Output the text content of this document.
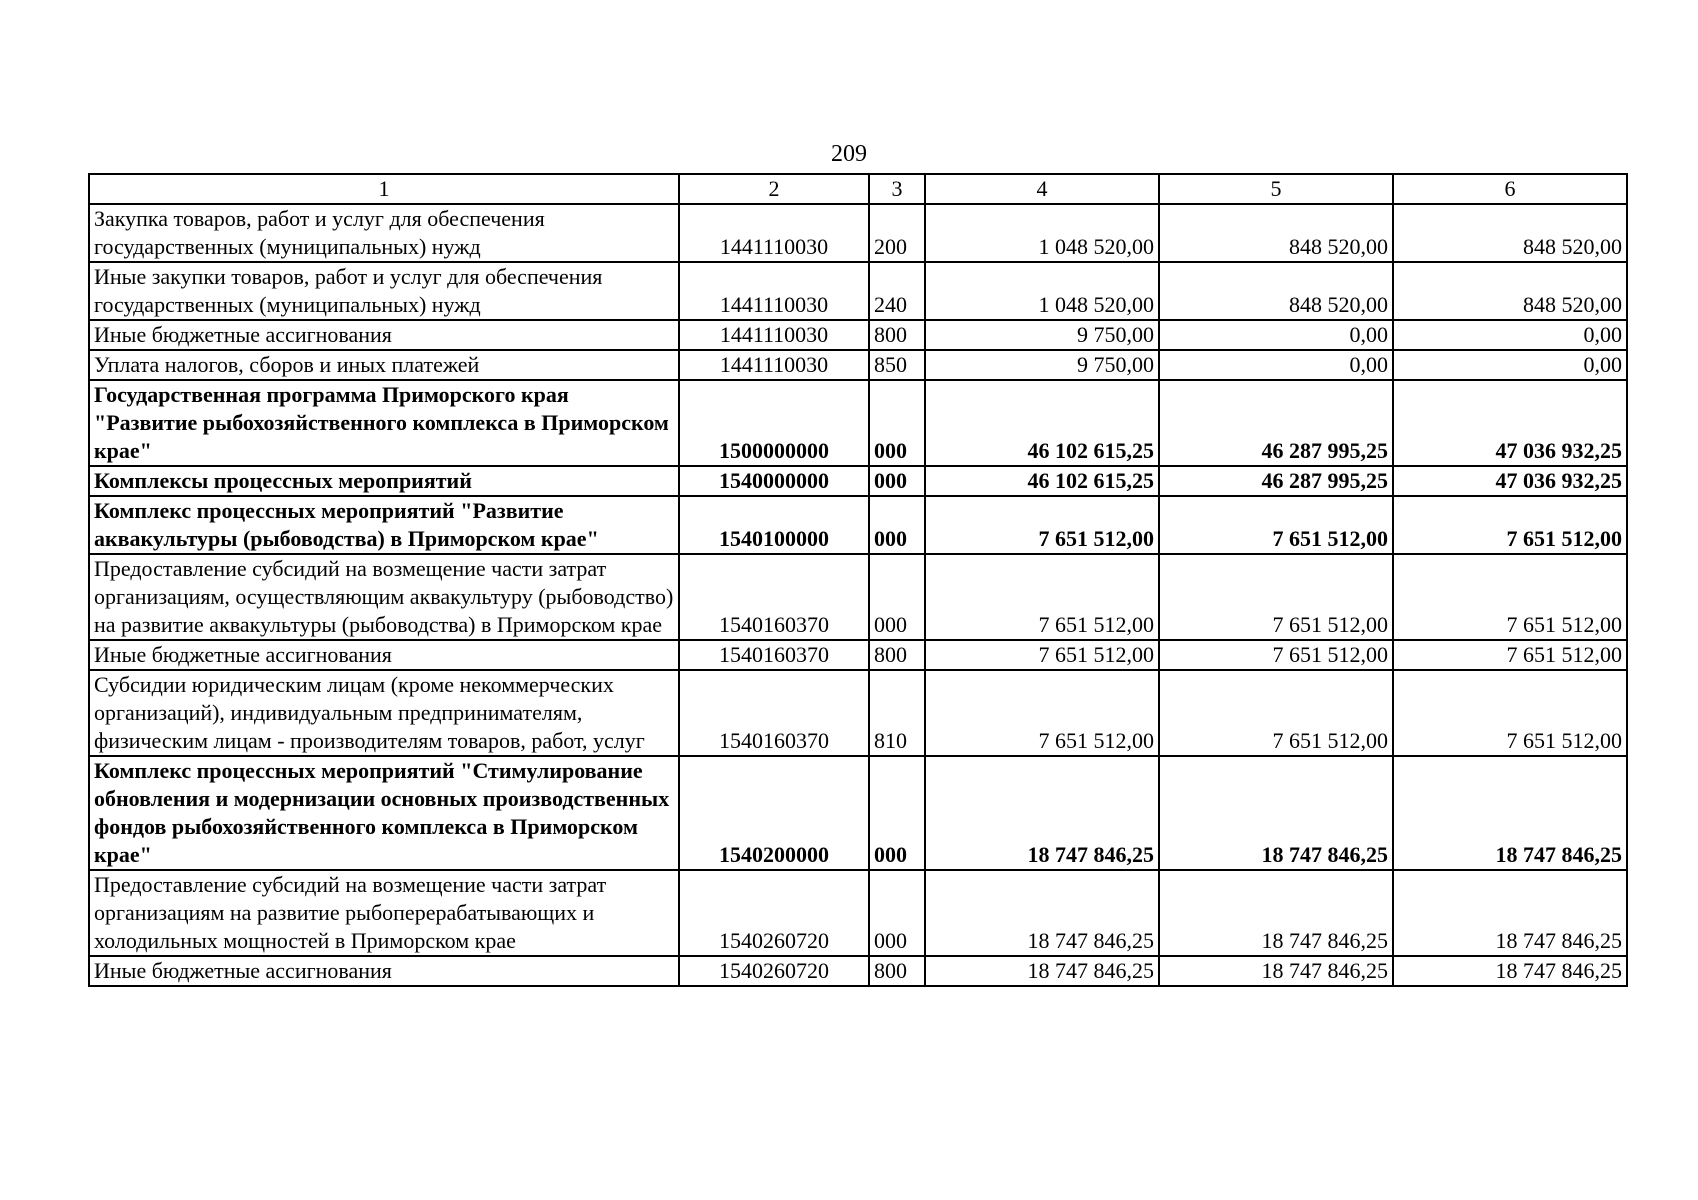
209
1	2	3	4	5	6
Закупка товаров, работ и услуг для обеспечения государственных (муниципальных) нужд	1441110030	200	1 048 520,00	848 520,00	848 520,00
Иные закупки товаров, работ и услуг для обеспечения государственных (муниципальных) нужд	1441110030	240	1 048 520,00	848 520,00	848 520,00
Иные бюджетные ассигнования	1441110030	800	9 750,00	0,00	0,00
Уплата налогов, сборов и иных платежей	1441110030	850	9 750,00	0,00	0,00
Государственная программа Приморского края "Развитие рыбохозяйственного комплекса в Приморском крае"	1500000000	000	46 102 615,25	46 287 995,25	47 036 932,25
Комплексы процессных мероприятий	1540000000	000	46 102 615,25	46 287 995,25	47 036 932,25
Комплекс процессных мероприятий "Развитие аквакультуры (рыбоводства) в Приморском крае"	1540100000	000	7 651 512,00	7 651 512,00	7 651 512,00
Предоставление субсидий на возмещение части затрат организациям, осуществляющим аквакультуру (рыбоводство) на развитие аквакультуры (рыбоводства) в Приморском крае	1540160370	000	7 651 512,00	7 651 512,00	7 651 512,00
Иные бюджетные ассигнования	1540160370	800	7 651 512,00	7 651 512,00	7 651 512,00
Субсидии юридическим лицам (кроме некоммерческих организаций), индивидуальным предпринимателям, физическим лицам - производителям товаров, работ, услуг	1540160370	810	7 651 512,00	7 651 512,00	7 651 512,00
Комплекс процессных мероприятий "Стимулирование обновления и модернизации основных производственных фондов рыбохозяйственного комплекса в Приморском крае"	1540200000	000	18 747 846,25	18 747 846,25	18 747 846,25
Предоставление субсидий на возмещение части затрат организациям на развитие рыбоперерабатывающих и холодильных мощностей в Приморском крае	1540260720	000	18 747 846,25	18 747 846,25	18 747 846,25
Иные бюджетные ассигнования	1540260720	800	18 747 846,25	18 747 846,25	18 747 846,25
